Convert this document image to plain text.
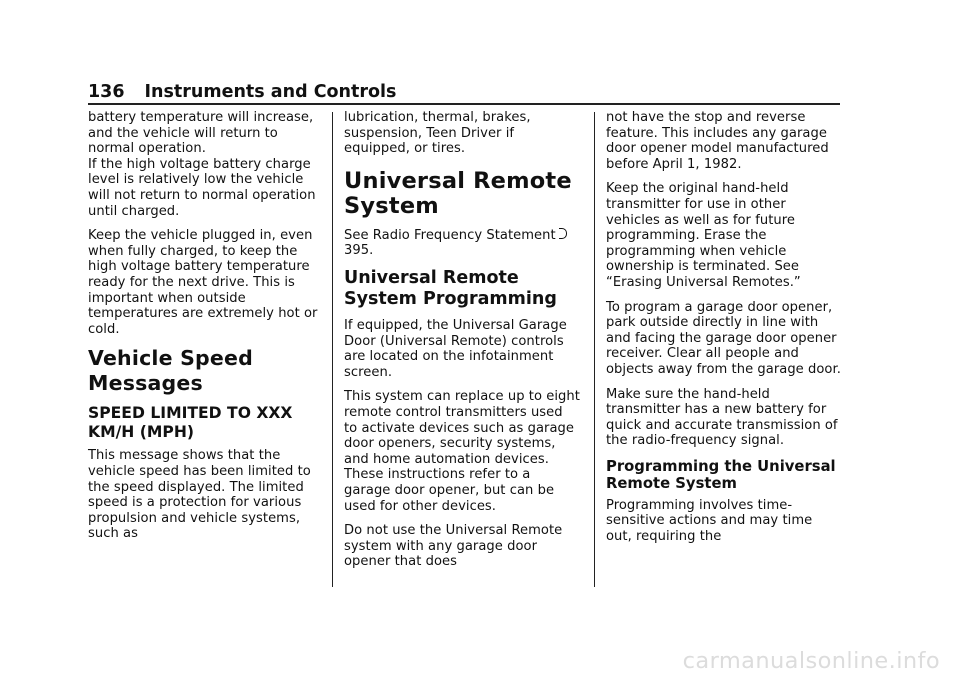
136 Instruments and Controls

battery temperature will increase, and the vehicle will return to normal operation.

If the high voltage battery charge level is relatively low the vehicle will not return to normal operation until charged.

Keep the vehicle plugged in, even when fully charged, to keep the high voltage battery temperature ready for the next drive. This is important when outside temperatures are extremely hot or cold.

Vehicle Speed Messages
SPEED LIMITED TO XXX KM/H (MPH)

This message shows that the vehicle speed has been limited to the speed displayed. The limited speed is a protection for various propulsion and vehicle systems, such as

lubrication, thermal, brakes, suspension, Teen Driver if equipped, or tires.

Universal Remote System

See Radio Frequency Statement395.

Universal Remote System Programming

If equipped, the Universal Garage Door (Universal Remote) controls are located on the infotainment screen.

This system can replace up to eight remote control transmitters used to activate devices such as garage door openers, security systems, and home automation devices. These instructions refer to a garage door opener, but can be used for other devices.

Do not use the Universal Remote system with any garage door opener that does

not have the stop and reverse feature. This includes any garage door opener model manufactured before April 1, 1982.

Keep the original hand-held transmitter for use in other vehicles as well as for future programming. Erase the programming when vehicle ownership is terminated. See “Erasing Universal Remotes.”

To program a garage door opener, park outside directly in line with and facing the garage door opener receiver. Clear all people and objects away from the garage door.

Make sure the hand-held transmitter has a new battery for quick and accurate transmission of the radio-frequency signal.

Programming the Universal Remote System

Programming involves time-sensitive actions and may time out, requiring the

carmanualsonline.info
